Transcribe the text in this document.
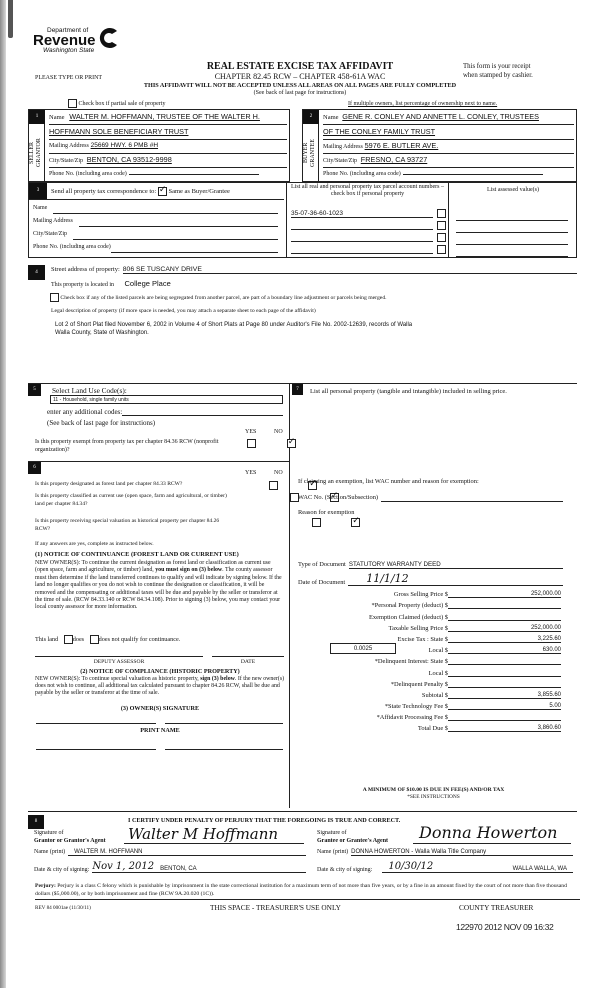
Department of
Revenue
Washington State
PLEASE TYPE OR PRINT
REAL ESTATE EXCISE TAX AFFIDAVIT
CHAPTER 82.45 RCW – CHAPTER 458-61A WAC
THIS AFFIDAVIT WILL NOT BE ACCEPTED UNLESS ALL AREAS ON ALL PAGES ARE FULLY COMPLETED
(See back of last page for instructions)
This form is your receipt
when stamped by cashier.
Check box if partial sale of property	If multiple owners, list percentage of ownership next to name.
1
SELLER GRANTOR
Name WALTER M. HOFFMANN, TRUSTEE OF THE WALTER H.
HOFFMANN SOLE BENEFICIARY TRUST
Mailing Address 25669 HWY. 6 PMB #H
City/State/Zip BENTON, CA 93512-9998
Phone No. (including area code)
2
BUYER GRANTEE
Name GENE R. CONLEY AND ANNETTE L. CONLEY, TRUSTEES
OF THE CONLEY FAMILY TRUST
Mailing Address 5976 E. BUTLER AVE.
City/State/Zip FRESNO, CA 93727
Phone No. (including area code)
3	Send all property tax correspondence to: ✓ Same as Buyer/Grantee
Name
Mailing Address
City/State/Zip
Phone No. (including area code)
List all real and personal property tax parcel account numbers – check box if personal property
35-07-36-60-1023
List assessed value(s)
4	Street address of property: 806 SE TUSCANY DRIVE
This property is located in College Place
Check box if any of the listed parcels are being segregated from another parcel, are part of a boundary line adjustment or parcels being merged.
Legal description of property (if more space is needed, you may attach a separate sheet to each page of the affidavit)
Lot 2 of Short Plat filed November 6, 2002 in Volume 4 of Short Plats at Page 80 under Auditor's File No. 2002-12639, records of Walla
Walla County, State of Washington.
5	Select Land Use Code(s):
11 - Household, single family units
enter any additional codes:
(See back of last page for instructions)
YES	NO
Is this property exempt from property tax per chapter 84.36 RCW (nonprofit organization)?
✓
6
YES	NO
Is this property designated as forest land per chapter 84.33 RCW?
✓
Is this property classified as current use (open space, farm and agricultural, or timber) land per chapter 84.34?
✓
Is this property receiving special valuation as historical property per chapter 84.26 RCW?
✓
If any answers are yes, complete as instructed below.
(1) NOTICE OF CONTINUANCE (FOREST LAND OR CURRENT USE)
NEW OWNER(S): To continue the current designation as forest land or classification as current use (open space, farm and agriculture, or timber) land, you must sign on (3) below. The county assessor must then determine if the land transferred continues to qualify and will indicate by signing below. If the land no longer qualifies or you do not wish to continue the designation or classification, it will be removed and the compensating or additional taxes will be due and payable by the seller or transferor at the time of sale. (RCW 84.33.140 or RCW 84.34.108). Prior to signing (3) below, you may contact your local county assessor for more information.
This land does does not qualify for continuance.
DEPUTY ASSESSOR	DATE
(2) NOTICE OF COMPLIANCE (HISTORIC PROPERTY)
NEW OWNER(S): To continue special valuation as historic property, sign (3) below. If the new owner(s) does not wish to continue, all additional tax calculated pursuant to chapter 84.26 RCW, shall be due and payable by the seller or transferor at the time of sale.
(3) OWNER(S) SIGNATURE
PRINT NAME
7	List all personal property (tangible and intangible) included in selling price.
If claiming an exemption, list WAC number and reason for exemption:
WAC No. (Section/Subsection)
Reason for exemption
Type of Document STATUTORY WARRANTY DEED
Date of Document	11/1/12
Gross Selling Price $	252,000.00
*Personal Property (deduct) $
Exemption Claimed (deduct) $
Taxable Selling Price $	252,000.00
Excise Tax : State $	3,225.60
0.0025	Local $	630.00
*Delinquent Interest: State $
Local $
*Delinquent Penalty $
Subtotal $	3,855.60
*State Technology Fee $	5.00
*Affidavit Processing Fee $
Total Due $	3,860.60
A MINIMUM OF $10.00 IS DUE IN FEE(S) AND/OR TAX
*SEE INSTRUCTIONS
8	I CERTIFY UNDER PENALTY OF PERJURY THAT THE FOREGOING IS TRUE AND CORRECT.
Signature of
Grantor or Grantor's Agent Walter M Hoffmann
Name (print)	WALTER M. HOFFMANN
Date & city of signing: Nov 1, 2012 BENTON, CA
Signature of
Grantee or Grantee's Agent	Donna Howerton
Name (print) DONNA HOWERTON - Walla Walla Title Company
Date & city of signing: 10/30/12	WALLA WALLA, WA
Perjury: Perjury is a class C felony which is punishable by imprisonment in the state correctional institution for a maximum term of not more than five years, or by a fine in an amount fixed by the court of not more than five thousand dollars ($5,000.00), or by both imprisonment and fine (RCW 9A.20.020 (1C)).
REV 84 0001ae (11/30/11)	THIS SPACE - TREASURER'S USE ONLY	COUNTY TREASURER
122970 2012 NOV 09 16:32
